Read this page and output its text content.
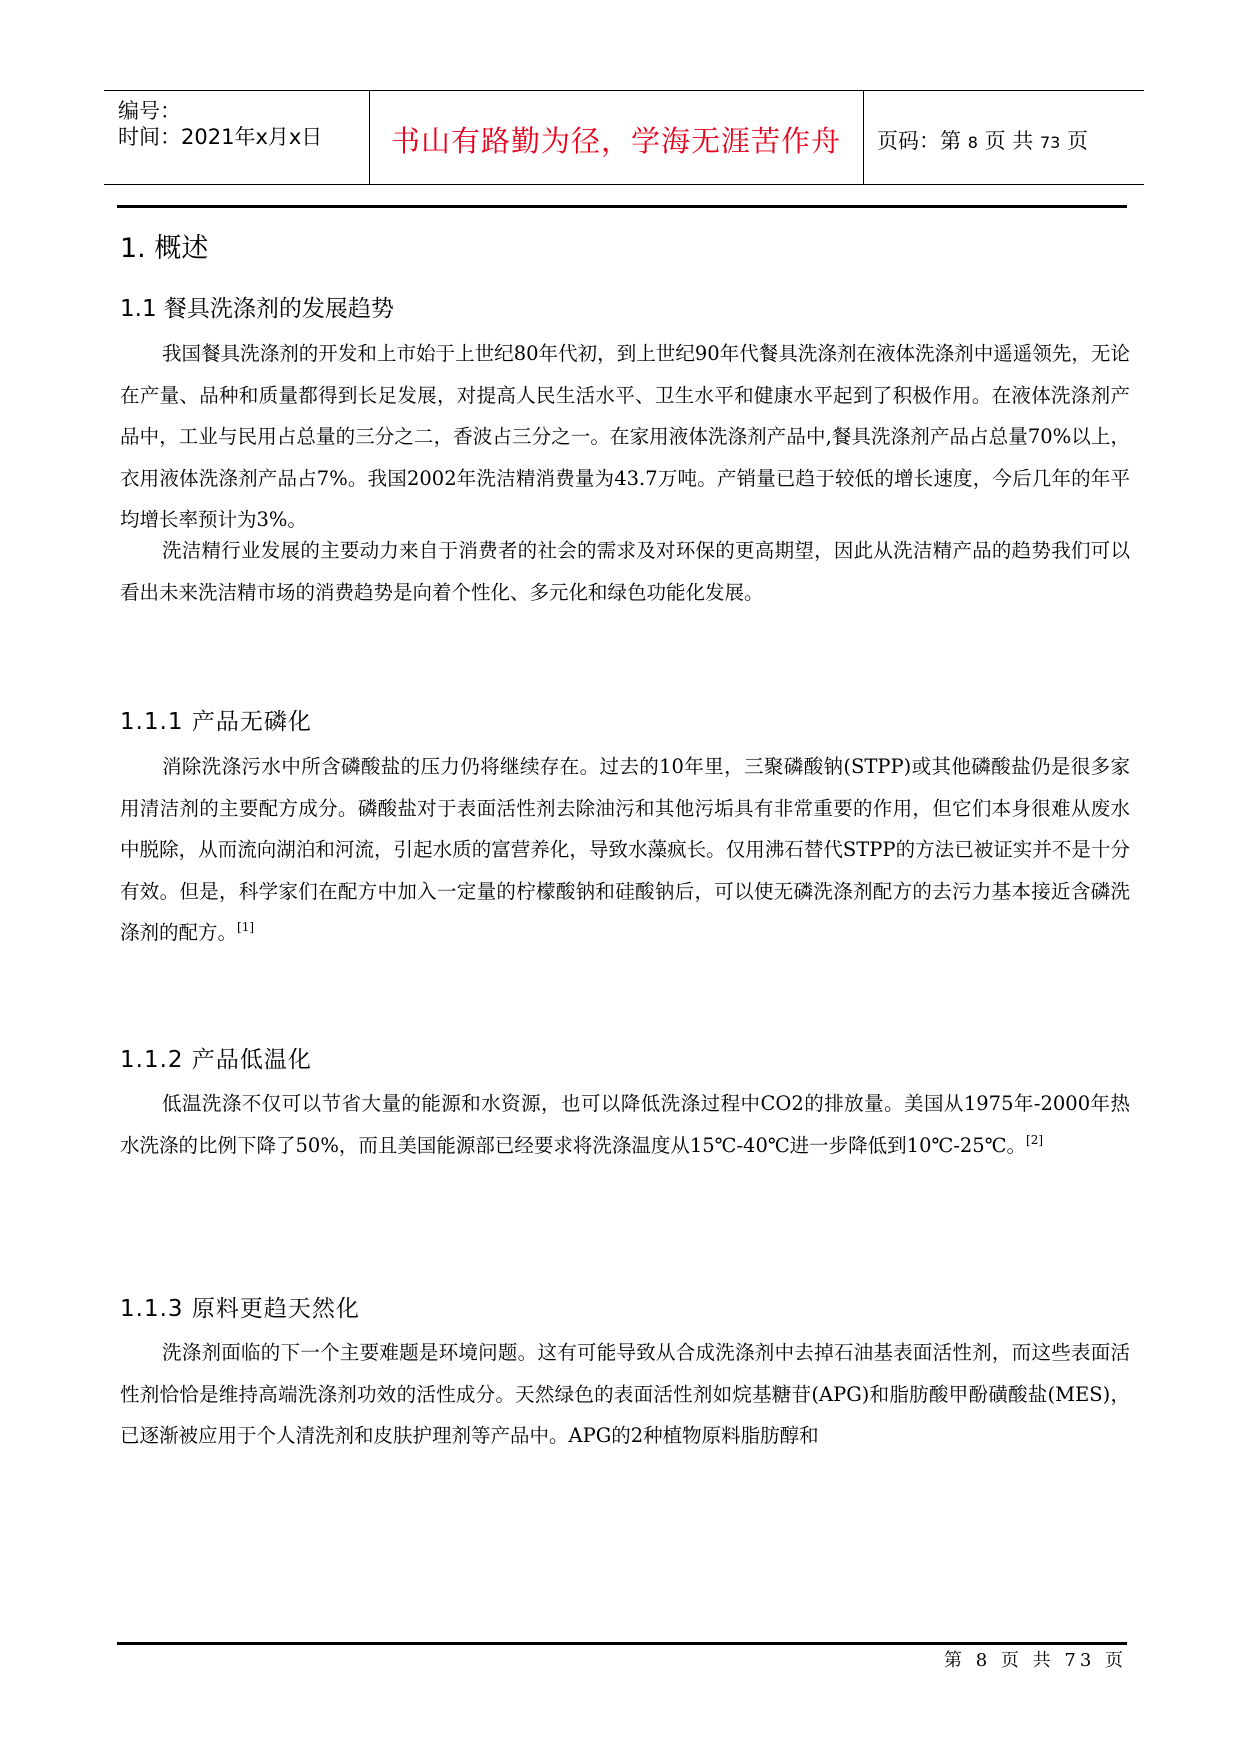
编号：
时间：2021年x月x日	书山有路勤为径，学海无涯苦作舟	页码：第 8 页 共 73 页
1. 概述
1.1 餐具洗涤剂的发展趋势

我国餐具洗涤剂的开发和上市始于上世纪80年代初，到上世纪90年代餐具洗涤剂在液体洗涤剂中遥遥领先，无论在产量、品种和质量都得到长足发展，对提高人民生活水平、卫生水平和健康水平起到了积极作用。在液体洗涤剂产品中，工业与民用占总量的三分之二，香波占三分之一。在家用液体洗涤剂产品中,餐具洗涤剂产品占总量70%以上，衣用液体洗涤剂产品占7%。我国2002年洗洁精消费量为43.7万吨。产销量已趋于较低的增长速度，今后几年的年平均增长率预计为3%。

洗洁精行业发展的主要动力来自于消费者的社会的需求及对环保的更高期望，因此从洗洁精产品的趋势我们可以看出未来洗洁精市场的消费趋势是向着个性化、多元化和绿色功能化发展。

1.1.1 产品无磷化

消除洗涤污水中所含磷酸盐的压力仍将继续存在。过去的10年里，三聚磷酸钠(STPP)或其他磷酸盐仍是很多家用清洁剂的主要配方成分。磷酸盐对于表面活性剂去除油污和其他污垢具有非常重要的作用，但它们本身很难从废水中脱除，从而流向湖泊和河流，引起水质的富营养化，导致水藻疯长。仅用沸石替代STPP的方法已被证实并不是十分有效。但是，科学家们在配方中加入一定量的柠檬酸钠和硅酸钠后，可以使无磷洗涤剂配方的去污力基本接近含磷洗涤剂的配方。[1]

1.1.2 产品低温化

低温洗涤不仅可以节省大量的能源和水资源，也可以降低洗涤过程中CO2的排放量。美国从1975年-2000年热水洗涤的比例下降了50%，而且美国能源部已经要求将洗涤温度从15℃-40℃进一步降低到10℃-25℃。[2]

1.1.3 原料更趋天然化

洗涤剂面临的下一个主要难题是环境问题。这有可能导致从合成洗涤剂中去掉石油基表面活性剂，而这些表面活性剂恰恰是维持高端洗涤剂功效的活性成分。天然绿色的表面活性剂如烷基糖苷(APG)和脂肪酸甲酚磺酸盐(MES)，已逐渐被应用于个人清洗剂和皮肤护理剂等产品中。APG的2种植物原料脂肪醇和

第 8 页 共 73 页
